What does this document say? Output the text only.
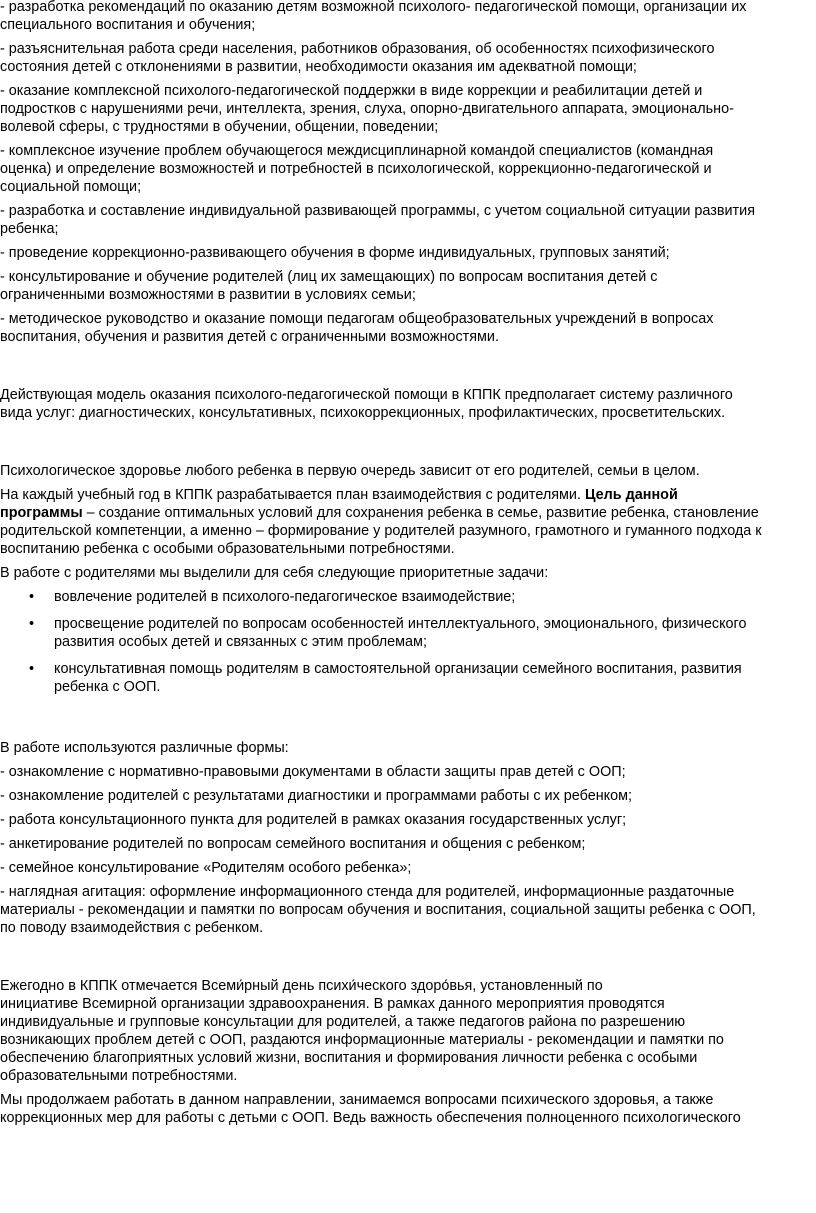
- разработка рекомендаций по оказанию детям возможной психолого- педагогической помощи, организации их
специального воспитания и обучения;

- разъяснительная работа среди населения, работников образования, об особенностях психофизического
состояния детей с отклонениями в развитии, необходимости оказания им адекватной помощи;

- оказание комплексной психолого-педагогической поддержки в виде коррекции и реабилитации детей и
подростков с нарушениями речи, интеллекта, зрения, слуха, опорно-двигательного аппарата, эмоционально-
волевой сферы, с трудностями в обучении, общении, поведении;

- комплексное изучение проблем обучающегося междисциплинарной командой специалистов (командная
оценка) и определение возможностей и потребностей в психологической, коррекционно-педагогической и
социальной помощи;

- разработка и составление индивидуальной развивающей программы, с учетом социальной ситуации развития
ребенка;

- проведение коррекционно-развивающего обучения в форме индивидуальных, групповых занятий;

- консультирование и обучение родителей (лиц их замещающих) по вопросам воспитания детей с
ограниченными возможностями в развитии в условиях семьи;

- методическое руководство и оказание помощи педагогам общеобразовательных учреждений в вопросах
воспитания, обучения и развития детей с ограниченными возможностями.

Действующая модель оказания психолого-педагогической помощи в КППК предполагает систему различного
вида услуг: диагностических, консультативных, психокоррекционных, профилактических, просветительских.

Психологическое здоровье любого ребенка в первую очередь зависит от его родителей, семьи в целом.

На каждый учебный год в КППК разрабатывается план взаимодействия с родителями. Цель данной
программы – создание оптимальных условий для сохранения ребенка в семье, развитие ребенка, становление
родительской компетенции, а именно – формирование у родителей разумного, грамотного и гуманного подхода к
воспитанию ребенка с особыми образовательными потребностями.

В работе с родителями мы выделили для себя следующие приоритетные задачи:

• вовлечение родителей в психолого-педагогическое взаимодействие;
• просвещение родителей по вопросам особенностей интеллектуального, эмоционального, физического
развития особых детей и связанных с этим проблемам;
• консультативная помощь родителям в самостоятельной организации семейного воспитания, развития
ребенка с ООП.

В работе используются различные формы:

- ознакомление с нормативно-правовыми документами в области защиты прав детей с ООП;

- ознакомление родителей с результатами диагностики и программами работы с их ребенком;

- работа консультационного пункта для родителей в рамках оказания государственных услуг;

- анкетирование родителей по вопросам семейного воспитания и общения с ребенком;

- семейное консультирование «Родителям особого ребенка»;

- наглядная агитация: оформление информационного стенда для родителей, информационные раздаточные
материалы - рекомендации и памятки по вопросам обучения и воспитания, социальной защиты ребенка с ООП,
по поводу взаимодействия с ребенком.

Ежегодно в КППК отмечается Всеми́рный день психи́ческого здоро́вья, установленный по
инициативе Всемирной организации здравоохранения. В рамках данного мероприятия проводятся
индивидуальные и групповые консультации для родителей, а также педагогов района по разрешению
возникающих проблем детей с ООП, раздаются информационные материалы - рекомендации и памятки по
обеспечению благоприятных условий жизни, воспитания и формирования личности ребенка с особыми
образовательными потребностями.

Мы продолжаем работать в данном направлении, занимаемся вопросами психического здоровья, а также
коррекционных мер для работы с детьми с ООП. Ведь важность обеспечения полноценного психологического
